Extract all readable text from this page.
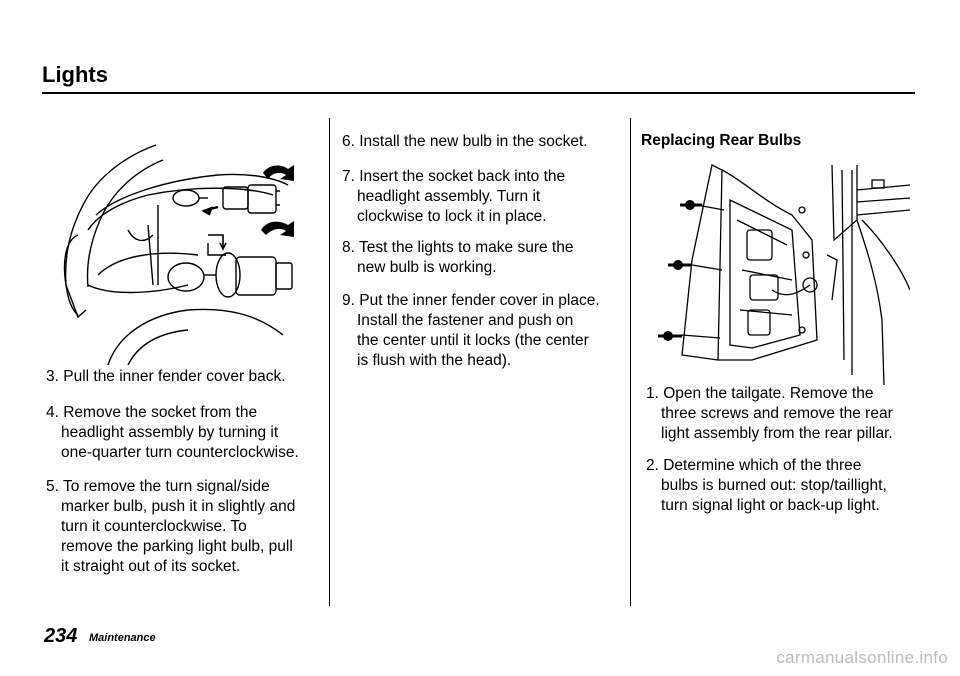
Lights
3. Pull the inner fender cover back.
4. Remove the socket from the
headlight assembly by turning it
one-quarter turn counterclockwise.
5. To remove the turn signal/side
marker bulb, push it in slightly and
turn it counterclockwise. To
remove the parking light bulb, pull
it straight out of its socket.
6. Install the new bulb in the socket.
7. Insert the socket back into the
headlight assembly. Turn it
clockwise to lock it in place.
8. Test the lights to make sure the
new bulb is working.
9. Put the inner fender cover in place.
Install the fastener and push on
the center until it locks (the center
is flush with the head).
Replacing Rear Bulbs
1. Open the tailgate. Remove the
three screws and remove the rear
light assembly from the rear pillar.
2. Determine which of the three
bulbs is burned out: stop/taillight,
turn signal light or back-up light.
234 Maintenance
carmanualsonline.info
